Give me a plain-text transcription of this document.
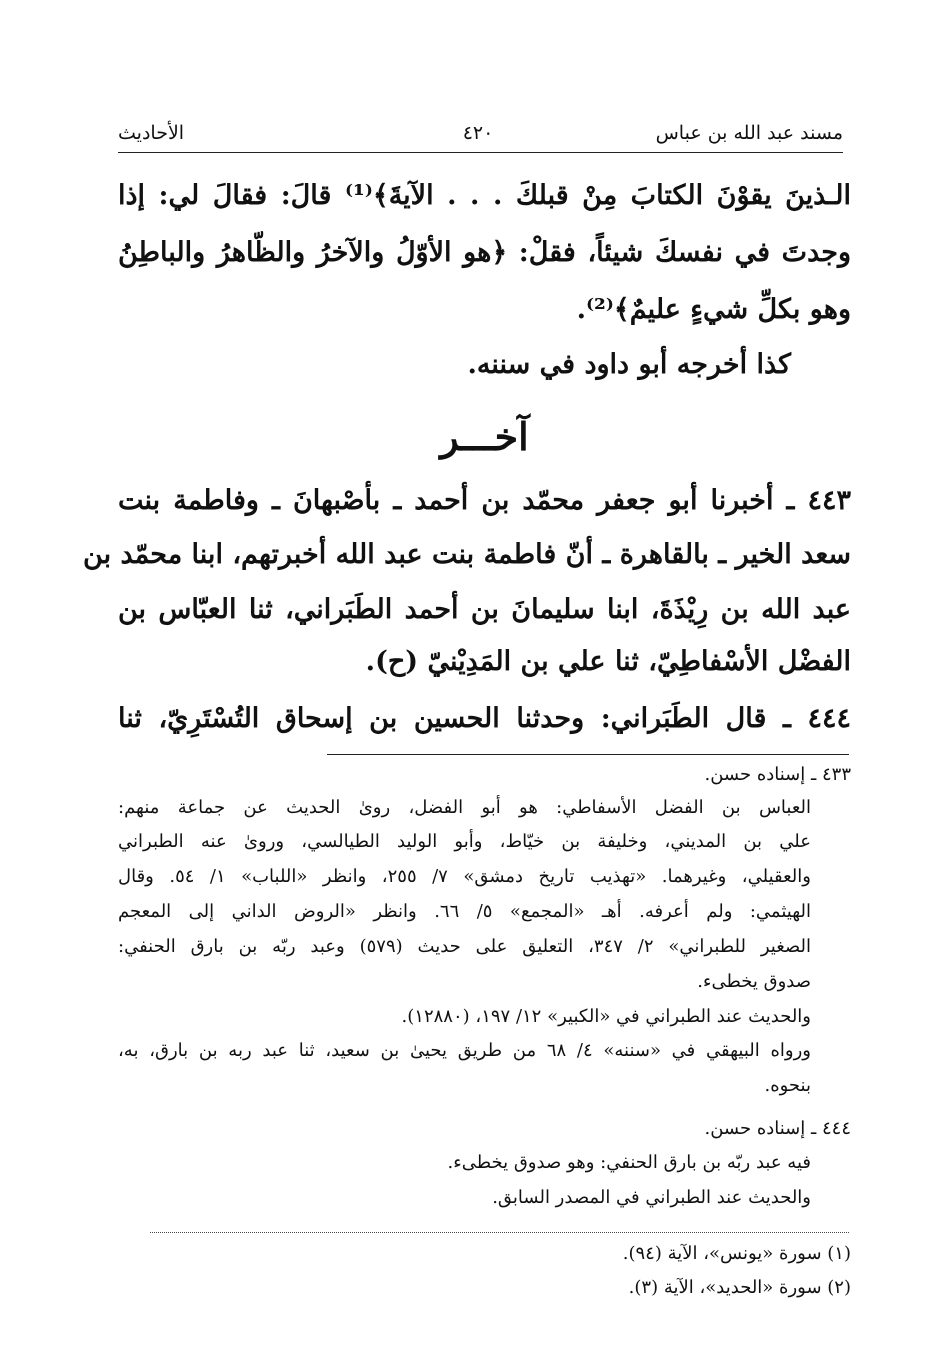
مسند عبد الله بن عباس
٤٢٠
الأحاديث
الـذينَ يقوْنَ الكتابَ مِنْ قبلكَ . . . الآيةَ﴾⁽¹⁾ قالَ: فقالَ لي: إذا
وجدتَ في نفسكَ شيئاً، فقلْ: ﴿هو الأوّلُ والآخرُ والظّاهرُ والباطِنُ
وهو بكلِّ شيءٍ عليمٌ﴾⁽²⁾.
كذا أخرجه أبو داود في سننه.
آخـــر
٤٤٣ ـ أخبرنا أبو جعفر محمّد بن أحمد ـ بأصْبهانَ ـ وفاطمة بنت
سعد الخير ـ بالقاهرة ـ أنّ فاطمة بنت عبد الله أخبرتهم، ابنا محمّد بن
عبد الله بن رِيْذَةَ، ابنا سليمانَ بن أحمد الطَبَراني، ثنا العبّاس بن
الفضْل الأسْفاطِيّ، ثنا علي بن المَدِيْنيّ (ح).
٤٤٤ ـ قال الطَبَراني: وحدثنا الحسين بن إسحاق التُسْتَرِيّ، ثنا
٤٣٣ ـ إسناده حسن.
العباس بن الفضل الأسفاطي: هو أبو الفضل، روىٰ الحديث عن جماعة منهم:
علي بن المديني، وخليفة بن خيّاط، وأبو الوليد الطيالسي، وروىٰ عنه الطبراني
والعقيلي، وغيرهما. «تهذيب تاريخ دمشق» ٧/ ٢٥٥، وانظر «اللباب» ١/ ٥٤. وقال
الهيثمي: ولم أعرفه. أهـ «المجمع» ٥/ ٦٦. وانظر «الروض الداني إلى المعجم
الصغير للطبراني» ٢/ ٣٤٧، التعليق على حديث (٥٧٩) وعبد ربّه بن بارق الحنفي:
صدوق يخطىء.
والحديث عند الطبراني في «الكبير» ١٢/ ١٩٧، (١٢٨٨٠).
ورواه البيهقي في «سننه» ٤/ ٦٨ من طريق يحيىٰ بن سعيد، ثنا عبد ربه بن بارق، به،
بنحوه.
٤٤٤ ـ إسناده حسن.
فيه عبد ربّه بن بارق الحنفي: وهو صدوق يخطىء.
والحديث عند الطبراني في المصدر السابق.
(١) سورة «يونس»، الآية (٩٤).
(٢) سورة «الحديد»، الآية (٣).
